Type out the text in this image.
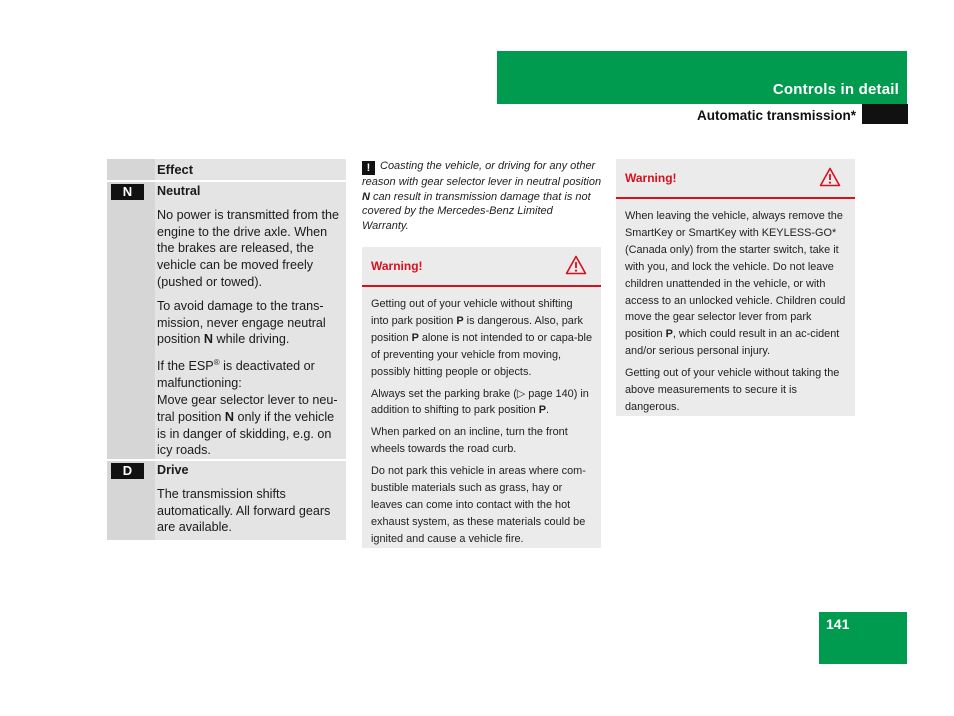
Controls in detail
Automatic transmission*
Effect
N	Neutral

No power is transmitted from the engine to the drive axle. When the brakes are released, the vehicle can be moved freely (pushed or towed).

To avoid damage to the trans-mission, never engage neutral position N while driving.

If the ESP® is deactivated or malfunctioning:
Move gear selector lever to neu-tral position N only if the vehicle is in danger of skidding, e.g. on icy roads.

D	Drive

The transmission shifts automatically. All forward gears are available.

! Coasting the vehicle, or driving for any other reason with gear selector lever in neutral position N can result in transmission damage that is not covered by the Mercedes-Benz Limited Warranty.
Warning!

Getting out of your vehicle without shifting into park position P is dangerous. Also, park position P alone is not intended to or capa-ble of preventing your vehicle from moving, possibly hitting people or objects.

Always set the parking brake (▷ page 140) in addition to shifting to park position P.

When parked on an incline, turn the front wheels towards the road curb.

Do not park this vehicle in areas where com-bustible materials such as grass, hay or leaves can come into contact with the hot exhaust system, as these materials could be ignited and cause a vehicle fire.

Warning!

When leaving the vehicle, always remove the SmartKey or SmartKey with KEYLESS-GO* (Canada only) from the starter switch, take it with you, and lock the vehicle. Do not leave children unattended in the vehicle, or with access to an unlocked vehicle. Children could move the gear selector lever from park position P, which could result in an ac-cident and/or serious personal injury.

Getting out of your vehicle without taking the above measurements to secure it is dangerous.

141
